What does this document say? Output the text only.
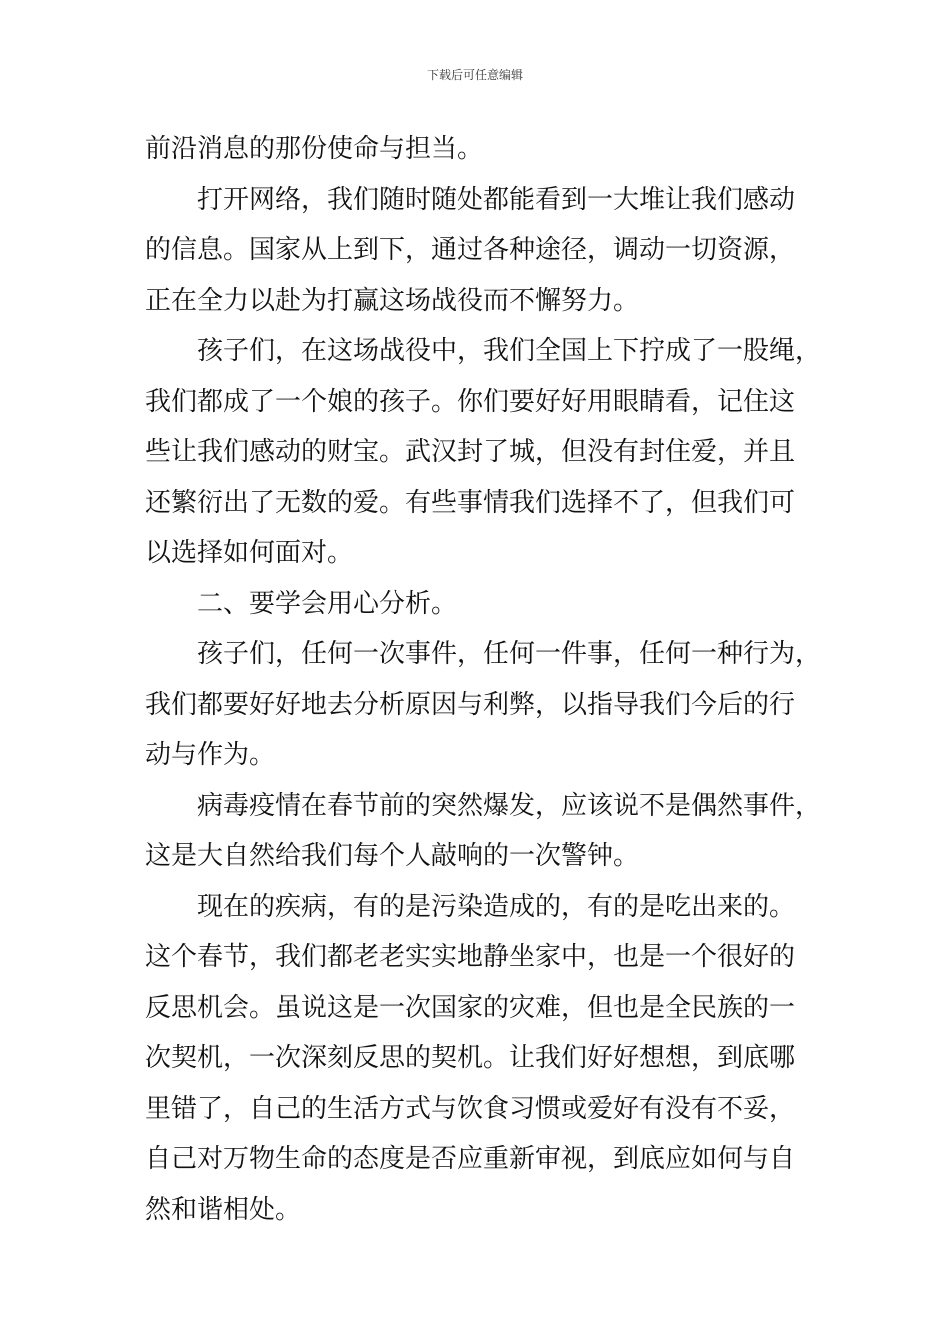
下载后可任意编辑
前沿消息的那份使命与担当。
打开网络，我们随时随处都能看到一大堆让我们感动
的信息。国家从上到下，通过各种途径，调动一切资源，
正在全力以赴为打赢这场战役而不懈努力。
孩子们，在这场战役中，我们全国上下拧成了一股绳，
我们都成了一个娘的孩子。你们要好好用眼睛看，记住这
些让我们感动的财宝。武汉封了城，但没有封住爱，并且
还繁衍出了无数的爱。有些事情我们选择不了，但我们可
以选择如何面对。
二、要学会用心分析。
孩子们，任何一次事件，任何一件事，任何一种行为，
我们都要好好地去分析原因与利弊，以指导我们今后的行
动与作为。
病毒疫情在春节前的突然爆发，应该说不是偶然事件，
这是大自然给我们每个人敲响的一次警钟。
现在的疾病，有的是污染造成的，有的是吃出来的。
这个春节，我们都老老实实地静坐家中，也是一个很好的
反思机会。虽说这是一次国家的灾难，但也是全民族的一
次契机，一次深刻反思的契机。让我们好好想想，到底哪
里错了，自己的生活方式与饮食习惯或爱好有没有不妥，
自己对万物生命的态度是否应重新审视，到底应如何与自
然和谐相处。
